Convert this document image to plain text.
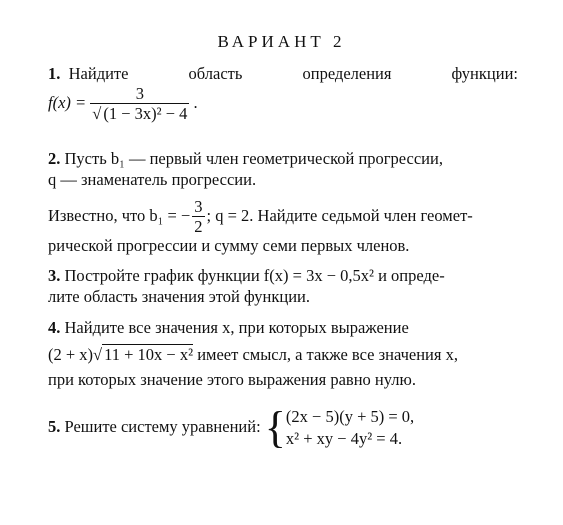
ВАРИАНТ 2
1. Найдите	область	определения	функции:
$f(x) = \frac{3}{\text{√ (1 − 3x)² − 4}}$ .
2. Пусть b₁ — первый член геометрической прогрессии,
q — знаменатель прогрессии.
Известно, что b₁ = − $\frac{3}{2}$ ; q = 2. Найдите седьмой член геомет-
рической прогрессии и сумму семи первых членов.
3. Постройте график функции f(x) = 3x − 0,5x² и опреде-
лите область значения этой функции.
4. Найдите все значения x, при которых выражение
(2 + x)√ 11 + 10x − x² имеет смысл, а также все значения x,
при которых значение этого выражения равно нулю.
5. Решите систему уравнений: { (2x − 5)(y + 5) = 0,
x² + xy − 4y² = 4.
